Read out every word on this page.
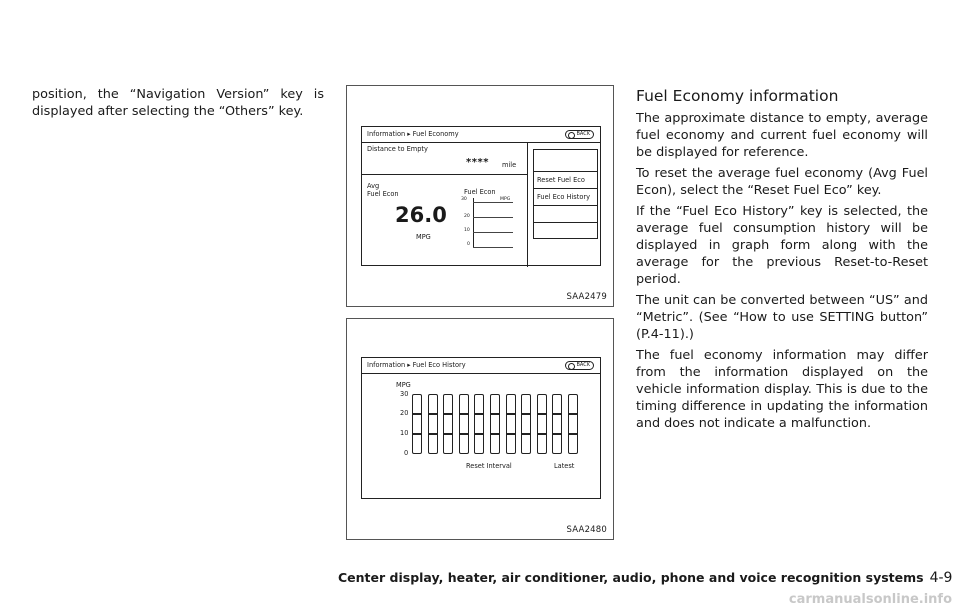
position, the “Navigation Version” key is displayed after selecting the “Others” key.
Information ▸ Fuel Economy	BACK
Distance to Empty
**** mile
Avg
Fuel Econ
26.0
MPG
Fuel Econ
30
20
10
0
MPG
Reset Fuel Eco
Fuel Eco History
SAA2479
Information ▸ Fuel Eco History	BACK
MPG
30
20
10
0
Reset Interval	Latest
SAA2480
Fuel Economy information

The approximate distance to empty, average fuel economy and current fuel economy will be displayed for reference.

To reset the average fuel economy (Avg Fuel Econ), select the “Reset Fuel Eco” key.

If the “Fuel Eco History” key is selected, the average fuel consumption history will be displayed in graph form along with the average for the previous Reset-to-Reset period.

The unit can be converted between “US” and “Metric”. (See “How to use SETTING button” (P.4-11).)

The fuel economy information may differ from the information displayed on the vehicle information display. This is due to the timing difference in updating the information and does not indicate a malfunction.

Center display, heater, air conditioner, audio, phone and voice recognition systems 4-9
carmanualsonline.info
